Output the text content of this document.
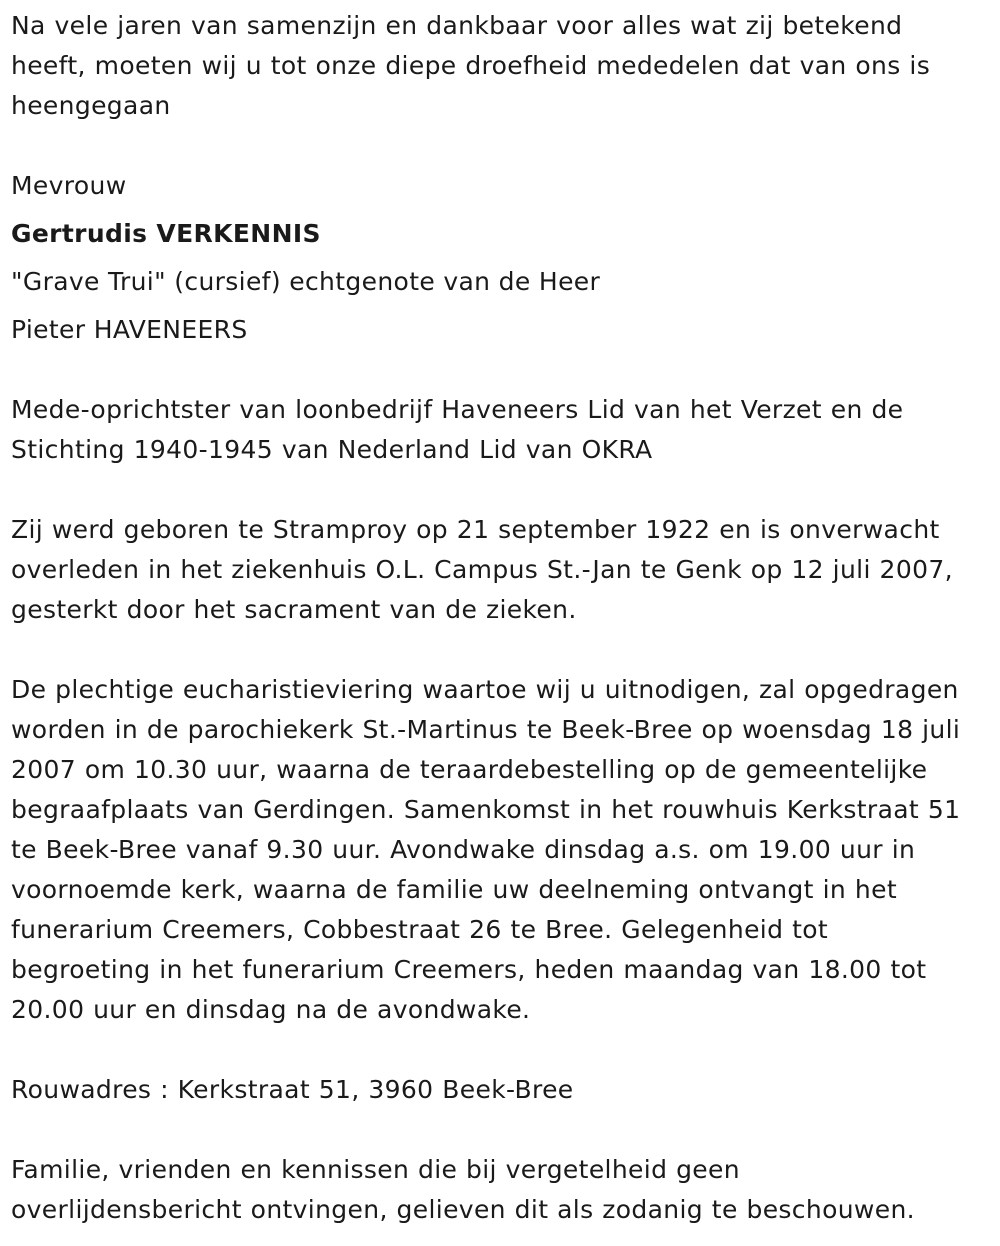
Na vele jaren van samenzijn en dankbaar voor alles wat zij betekend
heeft, moeten wij u tot onze diepe droefheid mededelen dat van ons is
heengegaan

Mevrouw

Gertrudis VERKENNIS

"Grave Trui" (cursief) echtgenote van de Heer

Pieter HAVENEERS

Mede-oprichtster van loonbedrijf Haveneers Lid van het Verzet en de
Stichting 1940-1945 van Nederland Lid van OKRA

Zij werd geboren te Stramproy op 21 september 1922 en is onverwacht
overleden in het ziekenhuis O.L. Campus St.-Jan te Genk op 12 juli 2007,
gesterkt door het sacrament van de zieken.

De plechtige eucharistieviering waartoe wij u uitnodigen, zal opgedragen
worden in de parochiekerk St.-Martinus te Beek-Bree op woensdag 18 juli
2007 om 10.30 uur, waarna de teraardebestelling op de gemeentelijke
begraafplaats van Gerdingen. Samenkomst in het rouwhuis Kerkstraat 51
te Beek-Bree vanaf 9.30 uur. Avondwake dinsdag a.s. om 19.00 uur in
voornoemde kerk, waarna de familie uw deelneming ontvangt in het
funerarium Creemers, Cobbestraat 26 te Bree. Gelegenheid tot
begroeting in het funerarium Creemers, heden maandag van 18.00 tot
20.00 uur en dinsdag na de avondwake.

Rouwadres : Kerkstraat 51, 3960 Beek-Bree

Familie, vrienden en kennissen die bij vergetelheid geen
overlijdensbericht ontvingen, gelieven dit als zodanig te beschouwen.
